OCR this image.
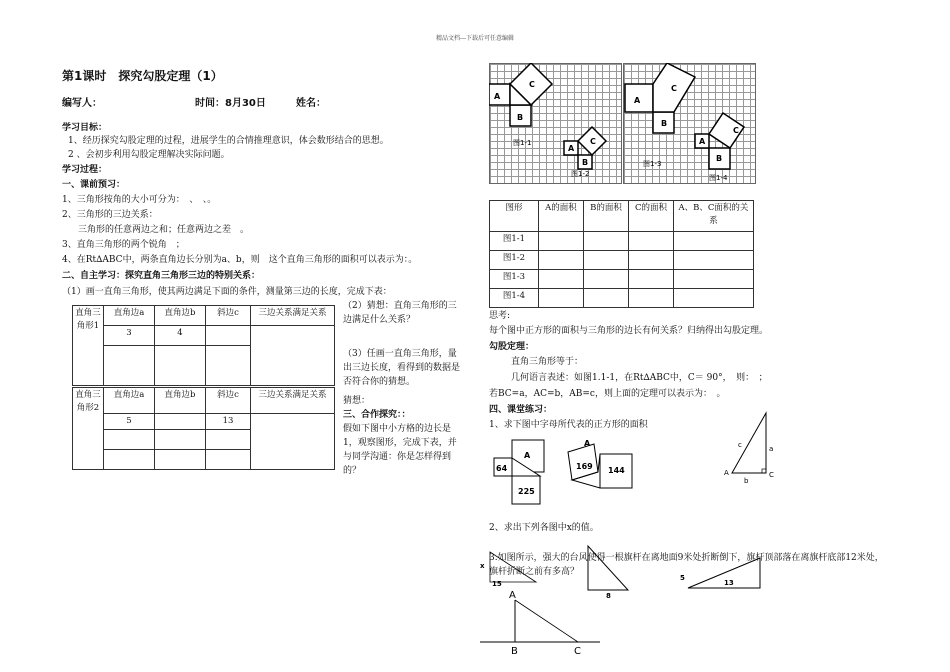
精品文档---下载后可任意编辑
第1课时　探究勾股定理（1）
编写人：	时间：8月30日	姓名：
学习目标：
1、经历探究勾股定理的过程，进展学生的合情推理意识，体会数形结合的思想。
2 、会初步利用勾股定理解决实际问题。
学习过程：
一、课前预习：
1、三角形按角的大小可分为：　、　、。
2、三角形的三边关系：
三角形的任意两边之和；任意两边之差　。
3、直角三角形的两个锐角　；
4、在Rt∆ABC中，两条直角边长分别为a、b，则　这个直角三角形的面积可以表示为：。
二、自主学习：探究直角三角形三边的特别关系：
（1）画一直角三角形，使其两边满足下面的条件，测量第三边的长度，完成下表：
直角三角形1	直角边a	直角边b	斜边c	三边关系满足关系
	3	4		

直角三角形2	直角边a	直角边b	斜边c	三边关系满足关系
	5		13	

（2）猜想：直角三角形的三边满足什么关系？
（3）任画一直角三角形，量出三边长度，看得到的数据是否符合你的猜想。
猜想：
三、合作探究：：
假如下图中小方格的边长是1，观察图形，完成下表，并与同学沟通：你是怎样得到的？
A
B
C
A
B
C
A
B
C
A
B
C
图1-1
图1-2
图1-3
图1-4
图形	A的面积	B的面积	C的面积	A、B、C面积的关系
图1-1				
图1-2				
图1-3				
图1-4				
思考:
每个图中正方形的面积与三角形的边长有何关系？归纳得出勾股定理。
勾股定理：
直角三角形等于：
几何语言表述：如图1.1-1，在Rt∆ABC中，C＝ 90°，　则：　；
若BC=a，AC=b，AB=c，则上面的定理可以表示为：　。
四、课堂练习：
1、求下图中字母所代表的正方形的面积
A
64
225
169 144
A	c	a
b
A	C
2、求出下列各图中x的值。
x
15
8
5
13
3.如图所示，强大的台风使得一根旗杆在离地面9米处折断倒下，旗杆顶部落在离旗杆底部12米处，旗杆折断之前有多高？
A
B	C
